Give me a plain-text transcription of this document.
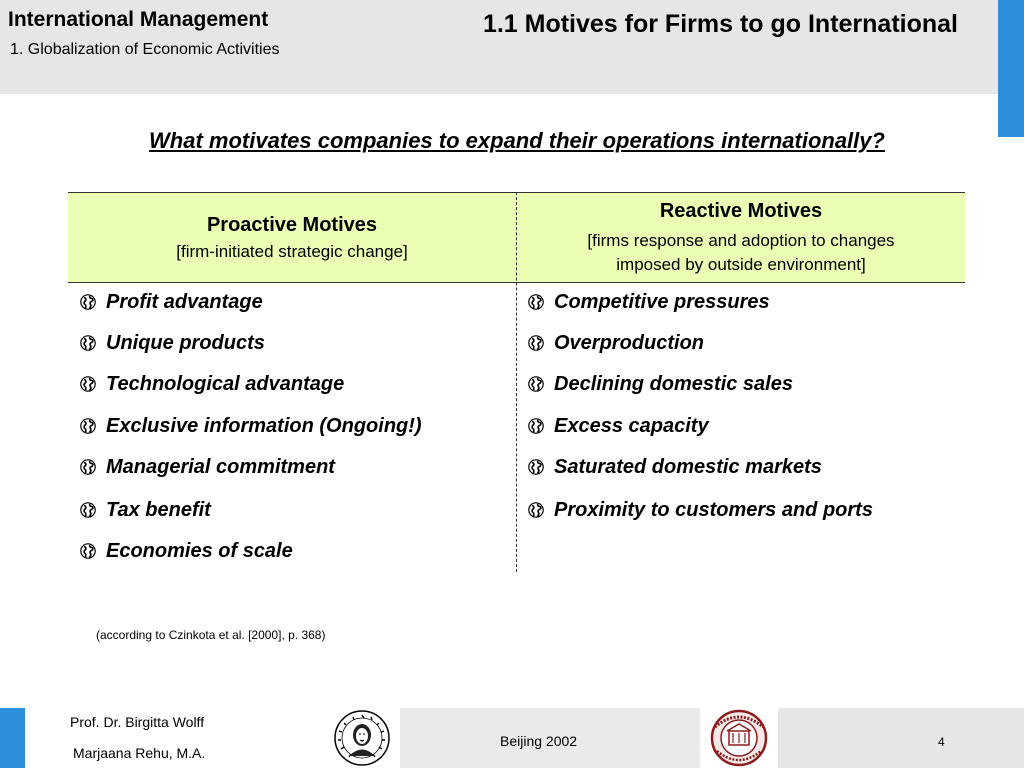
International Management
1. Globalization of Economic Activities
1.1 Motives for Firms to go International
What motivates companies to expand their operations internationally?
Proactive Motives
[firm-initiated strategic change]
Reactive Motives
[firms response and adoption to changes
imposed by outside environment]
Profit advantage
Unique products
Technological advantage
Exclusive information (Ongoing!)
Managerial commitment
Tax benefit
Economies of scale
Competitive pressures
Overproduction
Declining domestic sales
Excess capacity
Saturated domestic markets
Proximity to customers and ports
(according to Czinkota et al. [2000], p. 368)
Prof. Dr. Birgitta Wolff
Marjaana Rehu, M.A.
Beijing 2002	4
